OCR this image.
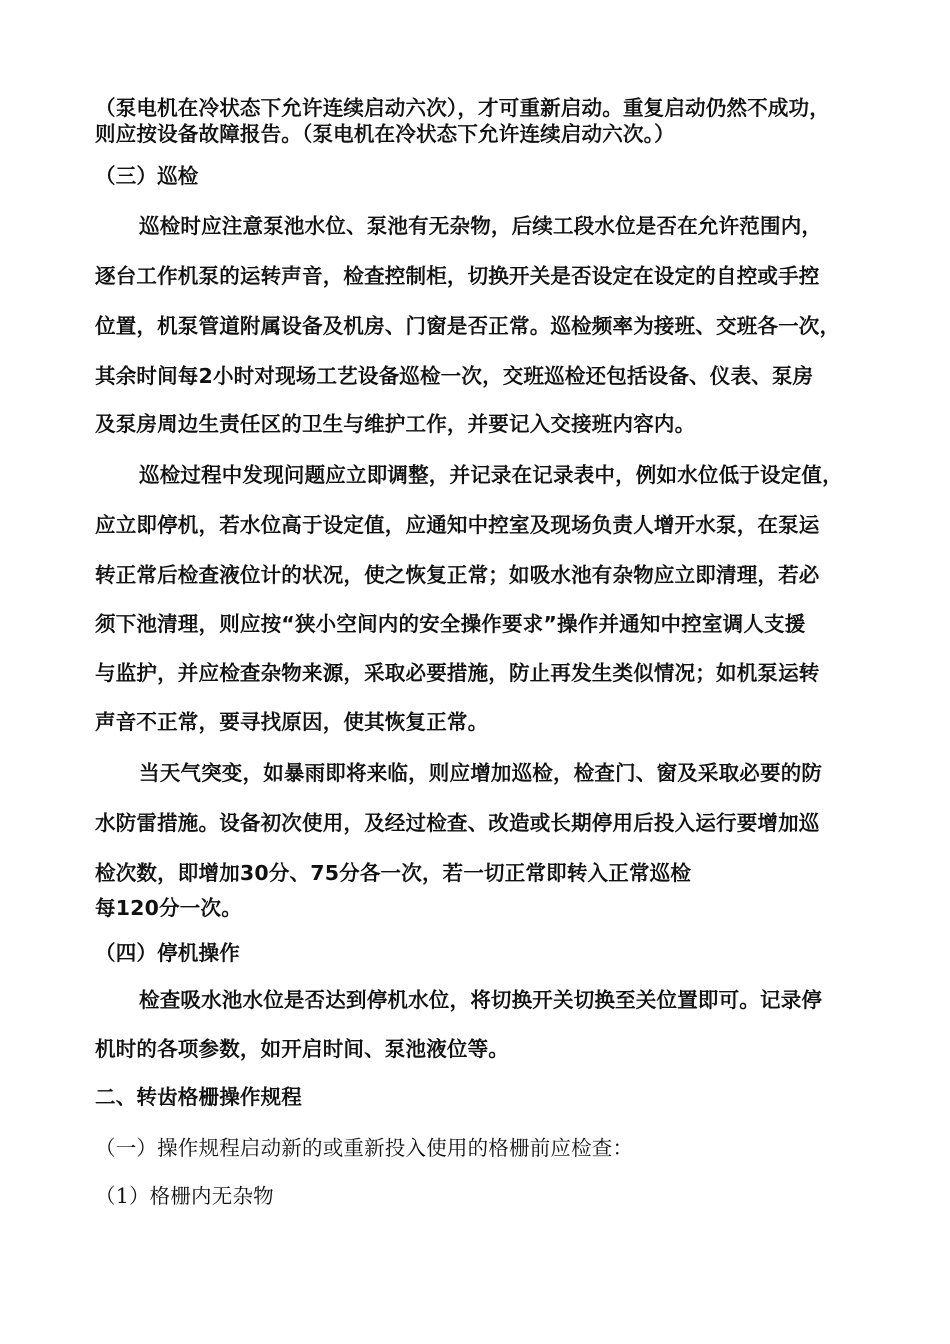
（泵电机在冷状态下允许连续启动六次），才可重新启动。重复启动仍然不成功，

则应按设备故障报告。（泵电机在冷状态下允许连续启动六次。）

（三）巡检

巡检时应注意泵池水位、泵池有无杂物，后续工段水位是否在允许范围内，

逐台工作机泵的运转声音，检查控制柜，切换开关是否设定在设定的自控或手控

位置，机泵管道附属设备及机房、门窗是否正常。巡检频率为接班、交班各一次，

其余时间每2小时对现场工艺设备巡检一次，交班巡检还包括设备、仪表、泵房

及泵房周边生责任区的卫生与维护工作，并要记入交接班内容内。

巡检过程中发现问题应立即调整，并记录在记录表中，例如水位低于设定值，

应立即停机，若水位高于设定值，应通知中控室及现场负责人增开水泵，在泵运

转正常后检查液位计的状况，使之恢复正常；如吸水池有杂物应立即清理，若必

须下池清理，则应按“狭小空间内的安全操作要求”操作并通知中控室调人支援

与监护，并应检查杂物来源，采取必要措施，防止再发生类似情况；如机泵运转

声音不正常，要寻找原因，使其恢复正常。

当天气突变，如暴雨即将来临，则应增加巡检，检查门、窗及采取必要的防

水防雷措施。设备初次使用，及经过检查、改造或长期停用后投入运行要增加巡

检次数，即增加30分、75分各一次，若一切正常即转入正常巡检

每120分一次。

（四）停机操作

检查吸水池水位是否达到停机水位，将切换开关切换至关位置即可。记录停

机时的各项参数，如开启时间、泵池液位等。

二、转齿格栅操作规程

（一）操作规程启动新的或重新投入使用的格栅前应检查：

（1）格栅内无杂物
